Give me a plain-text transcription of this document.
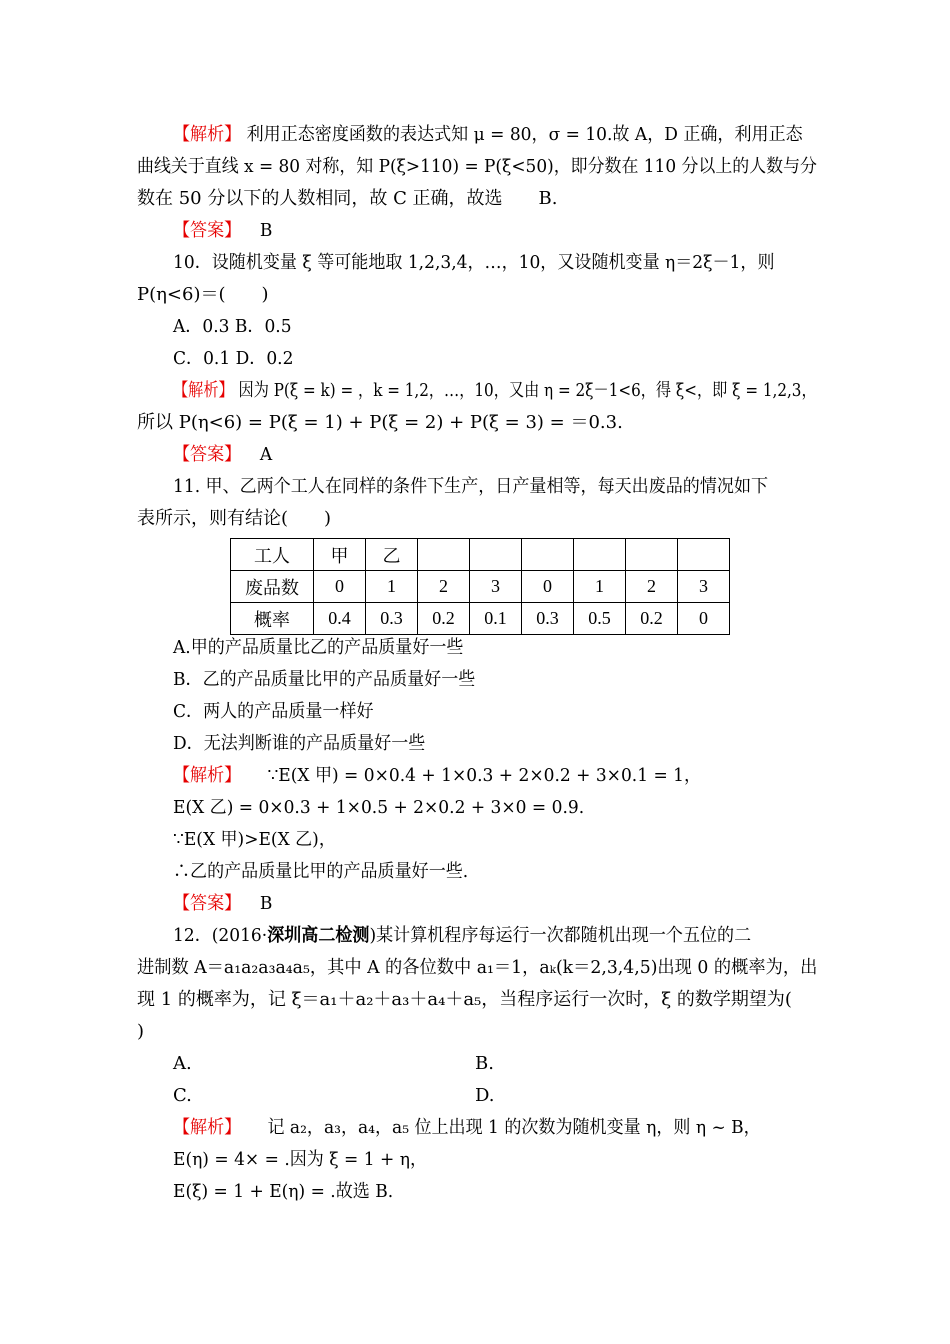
【解析】 利用正态密度函数的表达式知 μ = 80，σ = 10.故 A，D 正确，利用正态
曲线关于直线 x = 80 对称，知 P(ξ>110) = P(ξ<50)，即分数在 110 分以上的人数与分
数在 50 分以下的人数相同，故 C 正确，故选　　B.
【答案】 B
10．设随机变量 ξ 等可能地取 1,2,3,4，…，10，又设随机变量 η＝2ξ－1，则
P(η<6)＝(　　)
A．0.3 B．0.5
C．0.1 D．0.2
【解析】 因为 P(ξ = k) = ，k = 1,2，…，10，又由 η = 2ξ－1<6，得 ξ<，即 ξ = 1,2,3，
所以 P(η<6) = P(ξ = 1) + P(ξ = 2) + P(ξ = 3) = ＝0.3.
【答案】 A
11. 甲、乙两个工人在同样的条件下生产，日产量相等，每天出废品的情况如下
表所示，则有结论(　　)
工人	甲	乙						
废品数	0	1	2	3	0	1	2	3
概率	0.4	0.3	0.2	0.1	0.3	0.5	0.2	0
A.甲的产品质量比乙的产品质量好一些
B．乙的产品质量比甲的产品质量好一些
C．两人的产品质量一样好
D．无法判断谁的产品质量好一些
【解析】 ∵E(X 甲) = 0×0.4 + 1×0.3 + 2×0.2 + 3×0.1 = 1，
E(X 乙) = 0×0.3 + 1×0.5 + 2×0.2 + 3×0 = 0.9.
∵E(X 甲)>E(X 乙)，
∴乙的产品质量比甲的产品质量好一些.
【答案】 B
12．(2016·深圳高二检测)某计算机程序每运行一次都随机出现一个五位的二
进制数 A＝a₁a₂a₃a₄a₅，其中 A 的各位数中 a₁＝1，aₖ(k＝2,3,4,5)出现 0 的概率为，出
现 1 的概率为，记 ξ＝a₁＋a₂＋a₃＋a₄＋a₅，当程序运行一次时，ξ 的数学期望为(
)
A.	B.
C.	D.
【解析】 记 a₂，a₃，a₄，a₅ 位上出现 1 的次数为随机变量 η，则 η ~ B，
E(η) = 4× = .因为 ξ = 1 + η，
E(ξ) = 1 + E(η) = .故选 B.
